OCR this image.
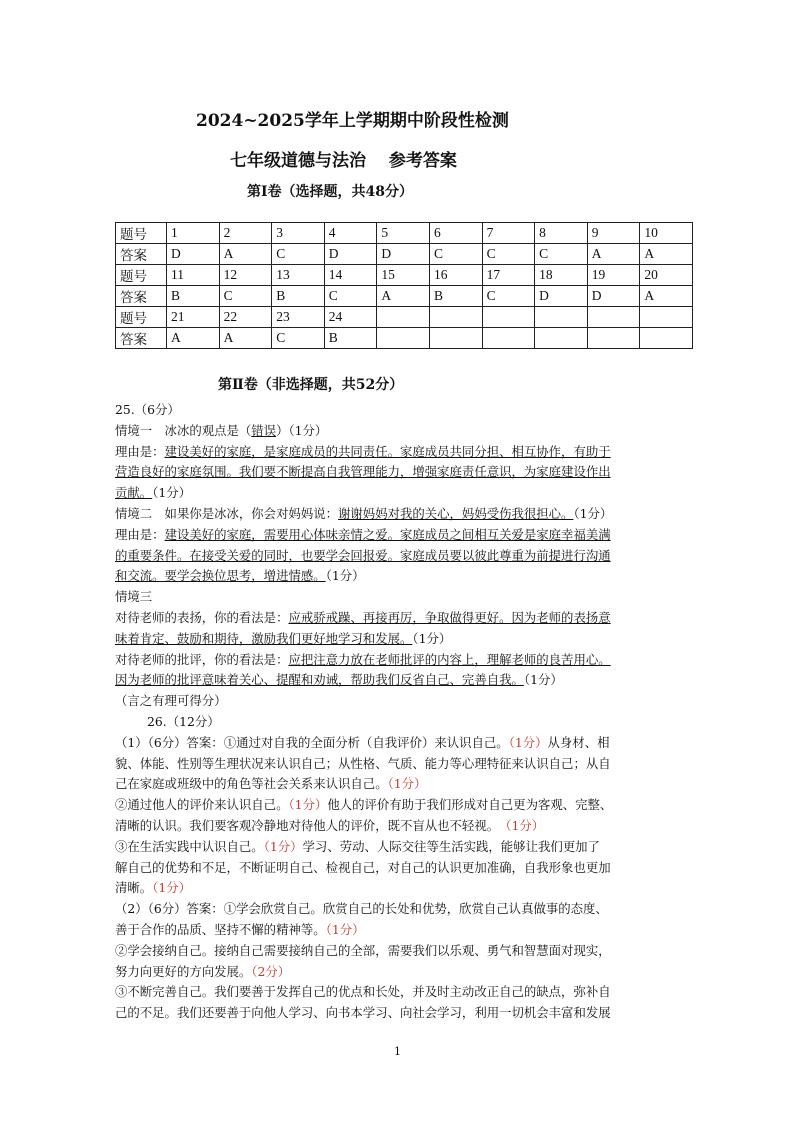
2024~2025学年上学期期中阶段性检测
七年级道德与法治　 参考答案
第Ⅰ卷（选择题，共48分）
题号	1	2	3	4	5	6	7	8	9	10
答案	D	A	C	D	D	C	C	C	A	A
题号	11	12	13	14	15	16	17	18	19	20
答案	B	C	B	C	A	B	C	D	D	A
题号	21	22	23	24						
答案	A	A	C	B						
第Ⅱ卷（非选择题，共52分）

25.（6分）

情境一　冰冰的观点是（错误）（1分）

理由是：建设美好的家庭，是家庭成员的共同责任。家庭成员共同分担、相互协作，有助于

营造良好的家庭氛围。我们要不断提高自我管理能力，增强家庭责任意识，为家庭建设作出

贡献。（1分）

情境二　如果你是冰冰，你会对妈妈说：谢谢妈妈对我的关心，妈妈受伤我很担心。（1分）

理由是：建设美好的家庭，需要用心体味亲情之爱。家庭成员之间相互关爱是家庭幸福美满

的重要条件。在接受关爱的同时，也要学会回报爱。家庭成员要以彼此尊重为前提进行沟通

和交流。要学会换位思考，增进情感。（1分）

情境三

对待老师的表扬，你的看法是：应戒骄戒躁、再接再厉，争取做得更好。因为老师的表扬意

味着肯定、鼓励和期待，激励我们更好地学习和发展。（1分）

对待老师的批评，你的看法是：应把注意力放在老师批评的内容上，理解老师的良苦用心。

因为老师的批评意味着关心、提醒和劝诫，帮助我们反省自己、完善自我。（1分）

（言之有理可得分）

26.（12分）

（1）（6分）答案：①通过对自我的全面分析（自我评价）来认识自己。（1分）从身材、相

貌、体能、性别等生理状况来认识自己；从性格、气质、能力等心理特征来认识自己；从自

己在家庭或班级中的角色等社会关系来认识自己。（1分）

②通过他人的评价来认识自己。（1分）他人的评价有助于我们形成对自己更为客观、完整、

清晰的认识。我们要客观冷静地对待他人的评价，既不盲从也不轻视。　（1分）

③在生活实践中认识自己。（1分）学习、劳动、人际交往等生活实践，能够让我们更加了

解自己的优势和不足，不断证明自己、检视自己，对自己的认识更加准确，自我形象也更加

清晰。（1分）

（2）（6分）答案：①学会欣赏自己。欣赏自己的长处和优势，欣赏自己认真做事的态度、

善于合作的品质、坚持不懈的精神等。（1分）

②学会接纳自己。接纳自己需要接纳自己的全部，需要我们以乐观、勇气和智慧面对现实，

努力向更好的方向发展。（2分）

③不断完善自己。我们要善于发挥自己的优点和长处，并及时主动改正自己的缺点，弥补自

己的不足。我们还要善于向他人学习、向书本学习、向社会学习，利用一切机会丰富和发展

1
